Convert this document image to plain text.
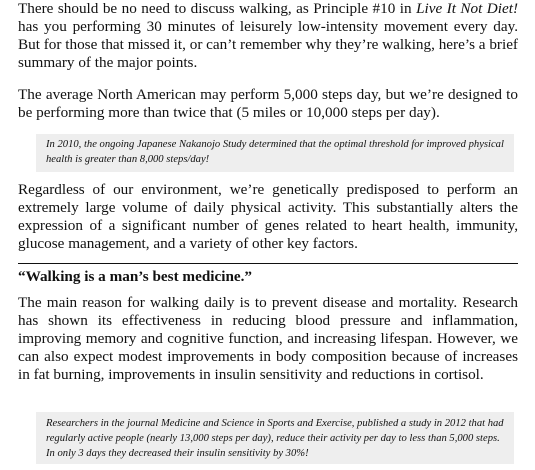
There should be no need to discuss walking, as Principle #10 in Live It Not Diet! has you performing 30 minutes of leisurely low-intensity movement every day. But for those that missed it, or can’t remember why they’re walking, here’s a brief summary of the major points.

The average North American may perform 5,000 steps day, but we’re designed to be performing more than twice that (5 miles or 10,000 steps per day).

In 2010, the ongoing Japanese Nakanojo Study determined that the optimal threshold for improved physical health is greater than 8,000 steps/day!

Regardless of our environment, we’re genetically predisposed to perform an extremely large volume of daily physical activity. This substantially alters the expression of a significant number of genes related to heart health, immunity, glucose management, and a variety of other key factors.

“Walking is a man’s best medicine.”

The main reason for walking daily is to prevent disease and mortality. Research has shown its effectiveness in reducing blood pressure and inflammation, improving memory and cognitive function, and increasing lifespan. However, we can also expect modest improvements in body composition because of increases in fat burning, improvements in insulin sensitivity and reductions in cortisol.

Researchers in the journal Medicine and Science in Sports and Exercise, published a study in 2012 that had regularly active people (nearly 13,000 steps per day), reduce their activity per day to less than 5,000 steps. In only 3 days they decreased their insulin sensitivity by 30%!
